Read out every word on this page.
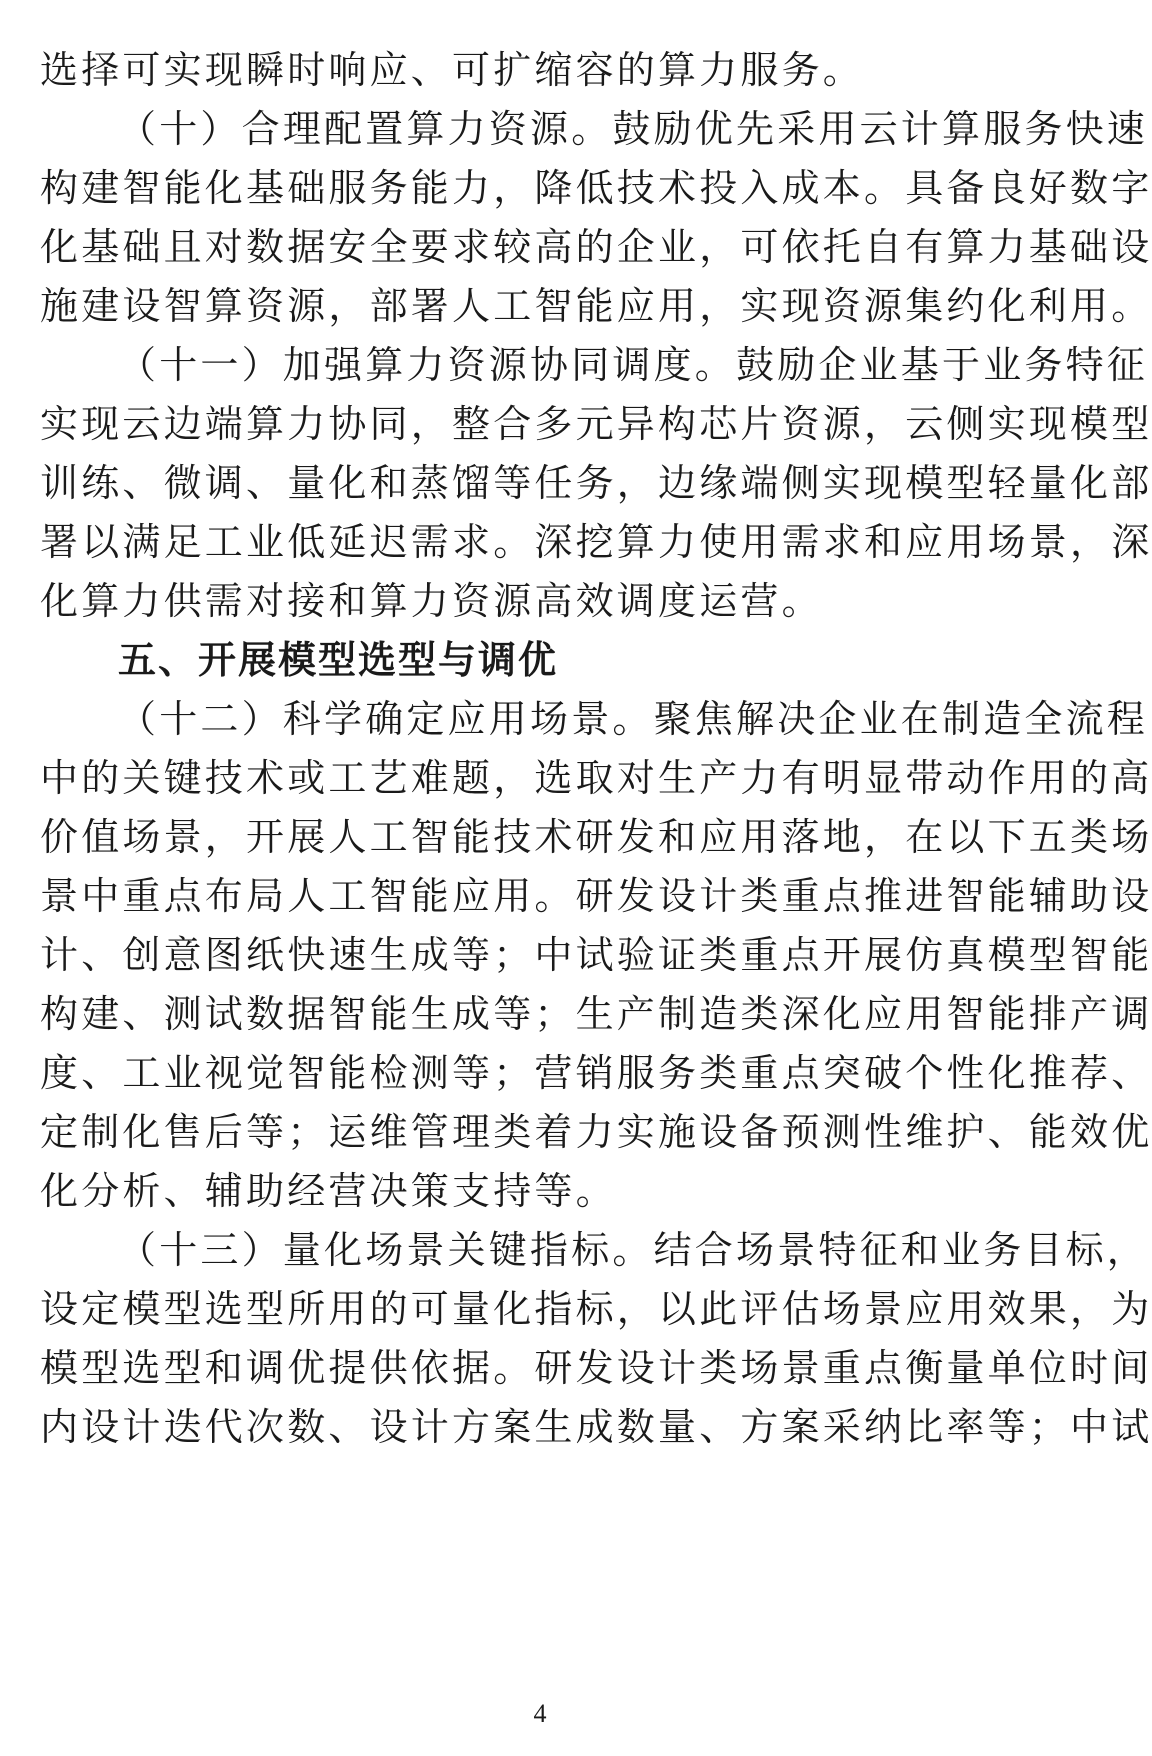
选择可实现瞬时响应、可扩缩容的算力服务。
（十）合理配置算力资源。鼓励优先采用云计算服务快速
构建智能化基础服务能力，降低技术投入成本。具备良好数字
化基础且对数据安全要求较高的企业，可依托自有算力基础设
施建设智算资源，部署人工智能应用，实现资源集约化利用。
（十一）加强算力资源协同调度。鼓励企业基于业务特征
实现云边端算力协同，整合多元异构芯片资源，云侧实现模型
训练、微调、量化和蒸馏等任务，边缘端侧实现模型轻量化部
署以满足工业低延迟需求。深挖算力使用需求和应用场景，深
化算力供需对接和算力资源高效调度运营。
五、开展模型选型与调优
（十二）科学确定应用场景。聚焦解决企业在制造全流程
中的关键技术或工艺难题，选取对生产力有明显带动作用的高
价值场景，开展人工智能技术研发和应用落地，在以下五类场
景中重点布局人工智能应用。研发设计类重点推进智能辅助设
计、创意图纸快速生成等；中试验证类重点开展仿真模型智能
构建、测试数据智能生成等；生产制造类深化应用智能排产调
度、工业视觉智能检测等；营销服务类重点突破个性化推荐、
定制化售后等；运维管理类着力实施设备预测性维护、能效优
化分析、辅助经营决策支持等。
（十三）量化场景关键指标。结合场景特征和业务目标，
设定模型选型所用的可量化指标，以此评估场景应用效果，为
模型选型和调优提供依据。研发设计类场景重点衡量单位时间
内设计迭代次数、设计方案生成数量、方案采纳比率等；中试
4
